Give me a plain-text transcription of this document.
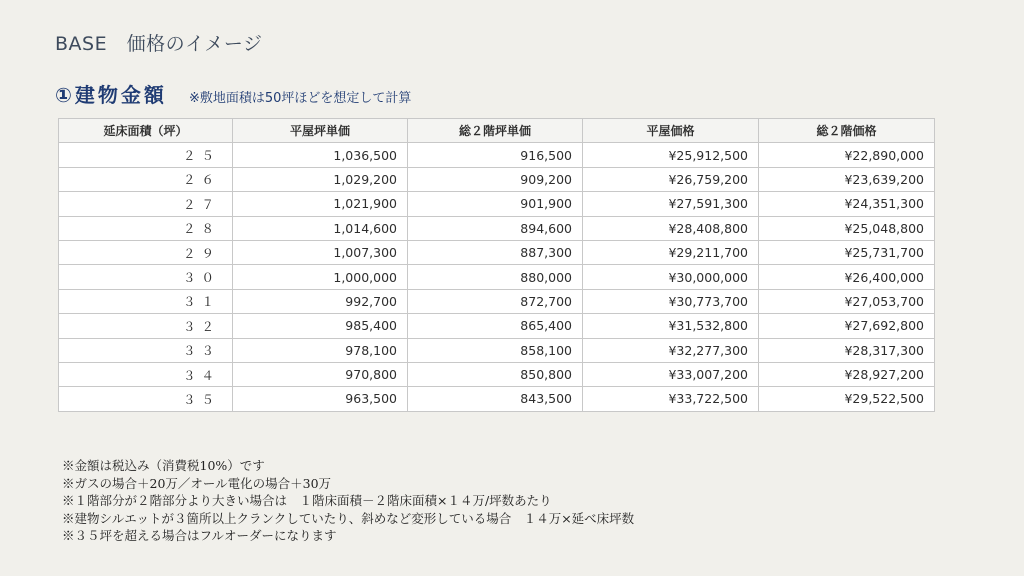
BASE　価格のイメージ
①建物金額 ※敷地面積は50坪ほどを想定して計算
延床面積（坪）	平屋坪単価	総２階坪単価	平屋価格	総２階価格
２５	1,036,500	916,500	¥25,912,500	¥22,890,000
２６	1,029,200	909,200	¥26,759,200	¥23,639,200
２７	1,021,900	901,900	¥27,591,300	¥24,351,300
２８	1,014,600	894,600	¥28,408,800	¥25,048,800
２９	1,007,300	887,300	¥29,211,700	¥25,731,700
３０	1,000,000	880,000	¥30,000,000	¥26,400,000
３１	992,700	872,700	¥30,773,700	¥27,053,700
３２	985,400	865,400	¥31,532,800	¥27,692,800
３３	978,100	858,100	¥32,277,300	¥28,317,300
３４	970,800	850,800	¥33,007,200	¥28,927,200
３５	963,500	843,500	¥33,722,500	¥29,522,500
※金額は税込み（消費税10%）です
※ガスの場合＋20万／オール電化の場合＋30万
※１階部分が２階部分より大きい場合は　１階床面積－２階床面積×１４万/坪数あたり
※建物シルエットが３箇所以上クランクしていたり、斜めなど変形している場合　１４万×延べ床坪数
※３５坪を超える場合はフルオーダーになります
